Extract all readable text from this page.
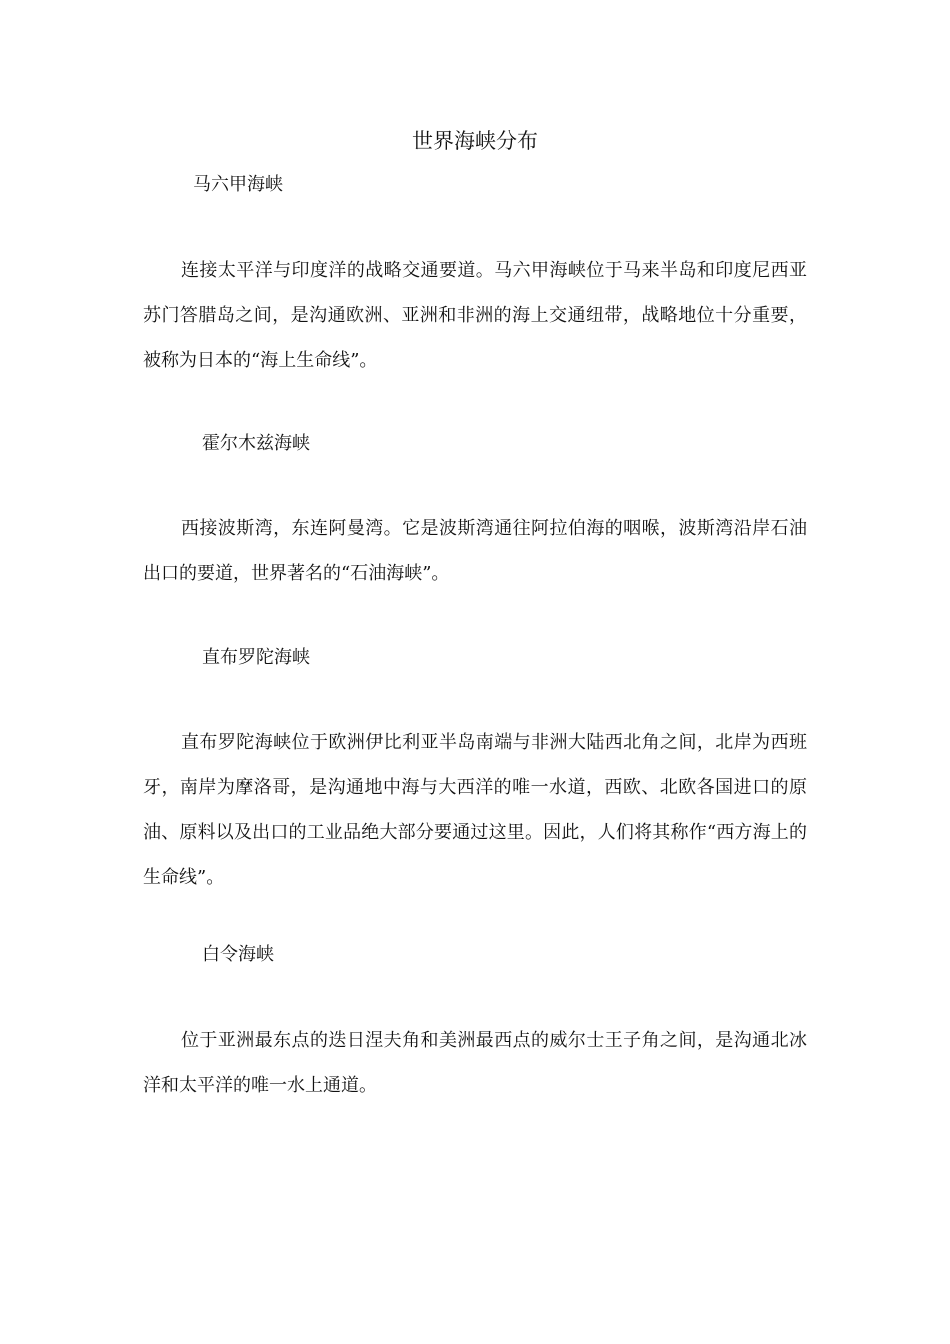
世界海峡分布
马六甲海峡

连接太平洋与印度洋的战略交通要道。马六甲海峡位于马来半岛和印度尼西亚苏门答腊岛之间，是沟通欧洲、亚洲和非洲的海上交通纽带，战略地位十分重要，被称为日本的“海上生命线”。

霍尔木兹海峡

西接波斯湾，东连阿曼湾。它是波斯湾通往阿拉伯海的咽喉，波斯湾沿岸石油出口的要道，世界著名的“石油海峡”。

直布罗陀海峡

直布罗陀海峡位于欧洲伊比利亚半岛南端与非洲大陆西北角之间，北岸为西班牙，南岸为摩洛哥，是沟通地中海与大西洋的唯一水道，西欧、北欧各国进口的原油、原料以及出口的工业品绝大部分要通过这里。因此，人们将其称作“西方海上的生命线”。

白令海峡

位于亚洲最东点的迭日涅夫角和美洲最西点的威尔士王子角之间，是沟通北冰洋和太平洋的唯一水上通道。
